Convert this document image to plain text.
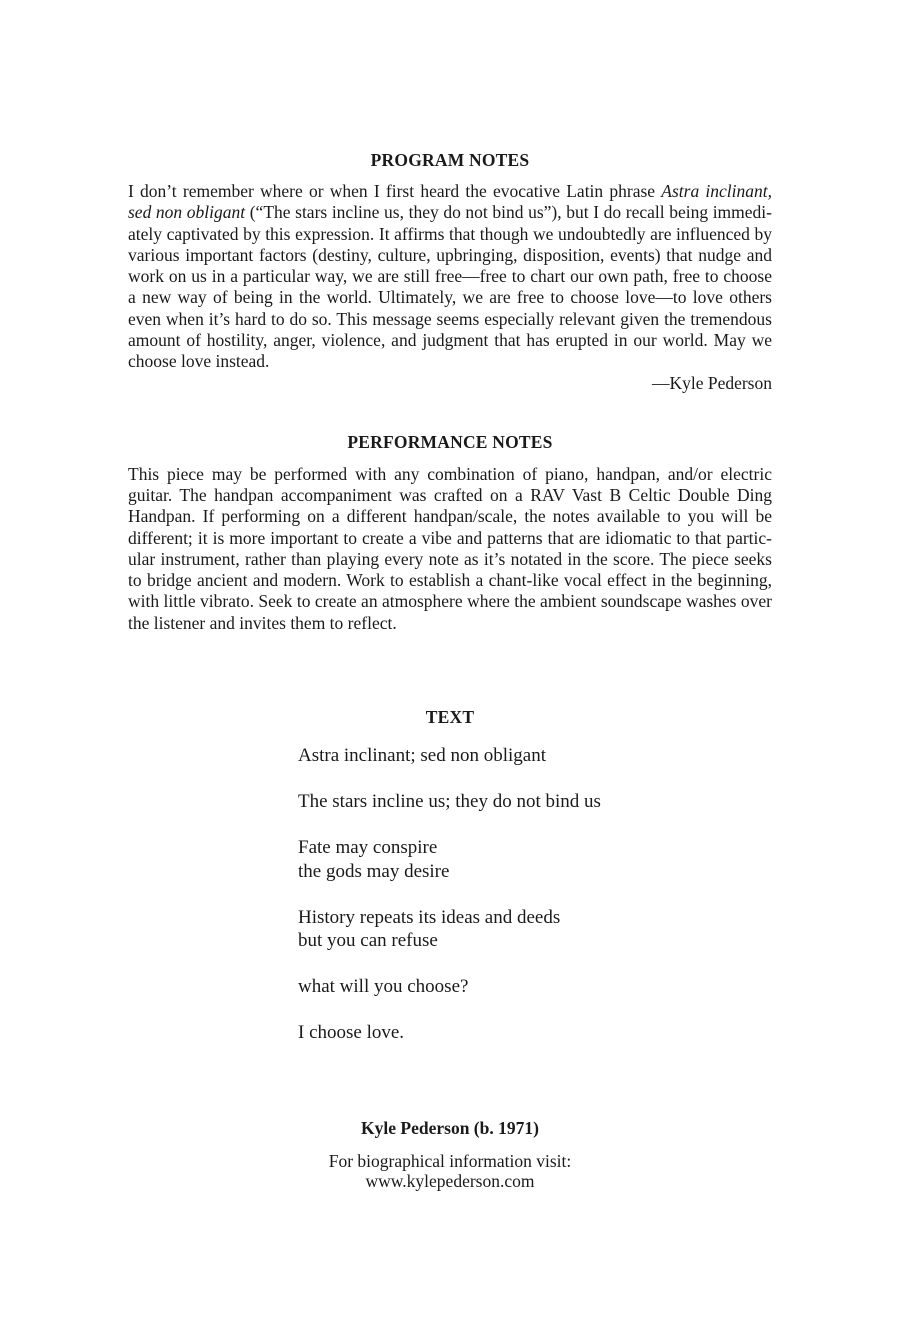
PROGRAM NOTES

I don’t remember where or when I first heard the evocative Latin phrase Astra inclinant, sed non obligant (“The stars incline us, they do not bind us”), but I do recall being immediately captivated by this expression. It affirms that though we undoubtedly are influenced by various important factors (destiny, culture, upbringing, disposition, events) that nudge and work on us in a particular way, we are still free—free to chart our own path, free to choose a new way of being in the world. Ultimately, we are free to choose love—to love others even when it’s hard to do so. This message seems especially relevant given the tremendous amount of hostility, anger, violence, and judgment that has erupted in our world. May we choose love instead.

—Kyle Pederson
PERFORMANCE NOTES

This piece may be performed with any combination of piano, handpan, and/or electric guitar. The handpan accompaniment was crafted on a RAV Vast B Celtic Double Ding Handpan. If performing on a different handpan/scale, the notes available to you will be different; it is more important to create a vibe and patterns that are idiomatic to that particular instrument, rather than playing every note as it’s notated in the score. The piece seeks to bridge ancient and modern. Work to establish a chant-like vocal effect in the beginning, with little vibrato. Seek to create an atmosphere where the ambient soundscape washes over the listener and invites them to reflect.

TEXT
Astra inclinant; sed non obligant
The stars incline us; they do not bind us
Fate may conspire
the gods may desire
History repeats its ideas and deeds
but you can refuse
what will you choose?
I choose love.
Kyle Pederson (b. 1971)
For biographical information visit:
www.kylepederson.com
